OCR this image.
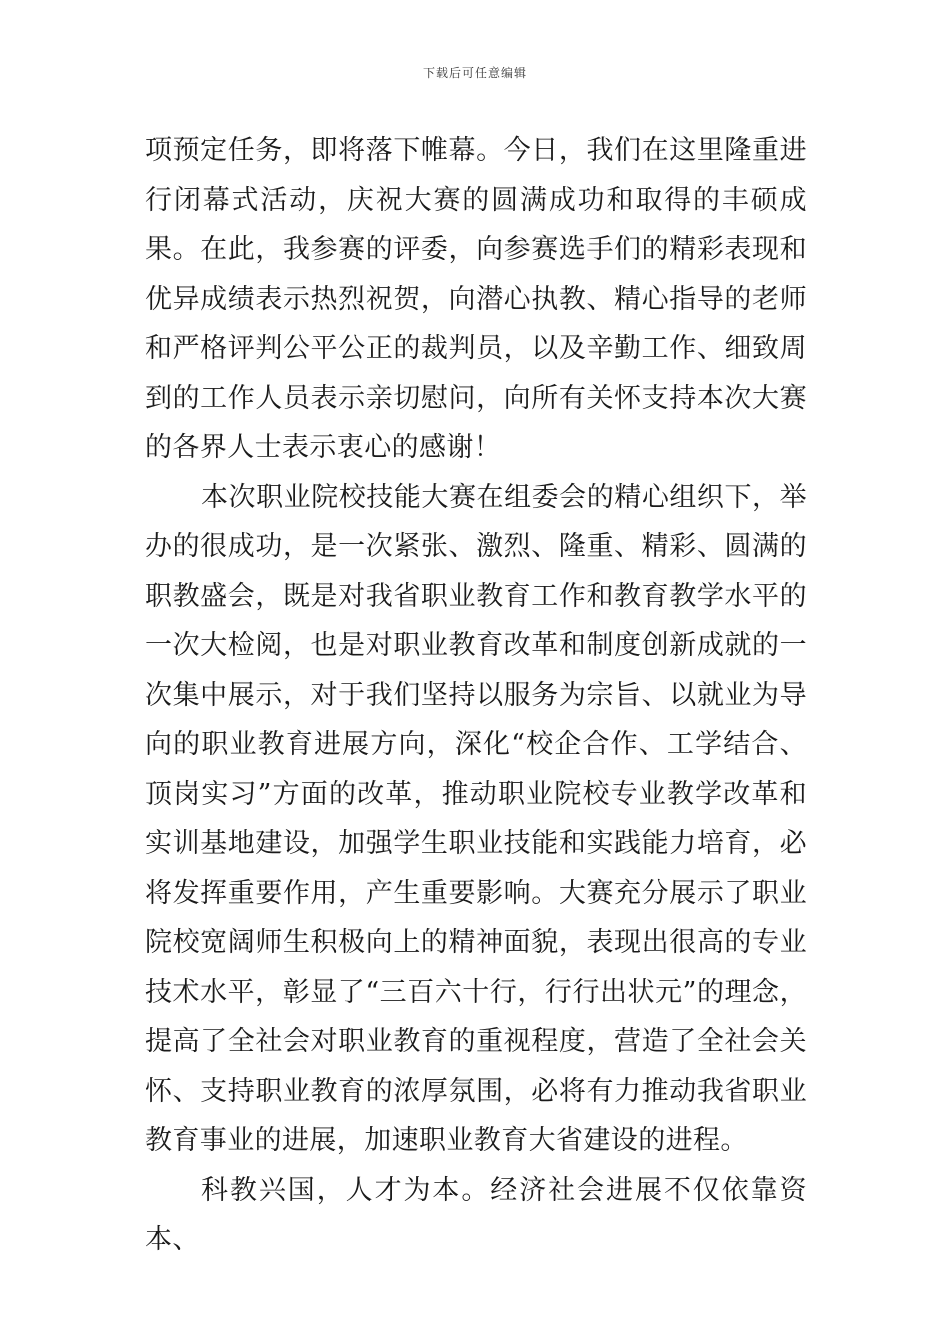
下载后可任意编辑

项预定任务，即将落下帷幕。今日，我们在这里隆重进行闭幕式活动，庆祝大赛的圆满成功和取得的丰硕成果。在此，我参赛的评委，向参赛选手们的精彩表现和优异成绩表示热烈祝贺，向潜心执教、精心指导的老师和严格评判公平公正的裁判员，以及辛勤工作、细致周到的工作人员表示亲切慰问，向所有关怀支持本次大赛的各界人士表示衷心的感谢！

本次职业院校技能大赛在组委会的精心组织下，举办的很成功，是一次紧张、激烈、隆重、精彩、圆满的职教盛会，既是对我省职业教育工作和教育教学水平的一次大检阅，也是对职业教育改革和制度创新成就的一次集中展示，对于我们坚持以服务为宗旨、以就业为导向的职业教育进展方向，深化“校企合作、工学结合、顶岗实习”方面的改革，推动职业院校专业教学改革和实训基地建设，加强学生职业技能和实践能力培育，必将发挥重要作用，产生重要影响。大赛充分展示了职业院校宽阔师生积极向上的精神面貌，表现出很高的专业技术水平，彰显了“三百六十行，行行出状元”的理念，提高了全社会对职业教育的重视程度，营造了全社会关怀、支持职业教育的浓厚氛围，必将有力推动我省职业教育事业的进展，加速职业教育大省建设的进程。

科教兴国，人才为本。经济社会进展不仅依靠资本、
